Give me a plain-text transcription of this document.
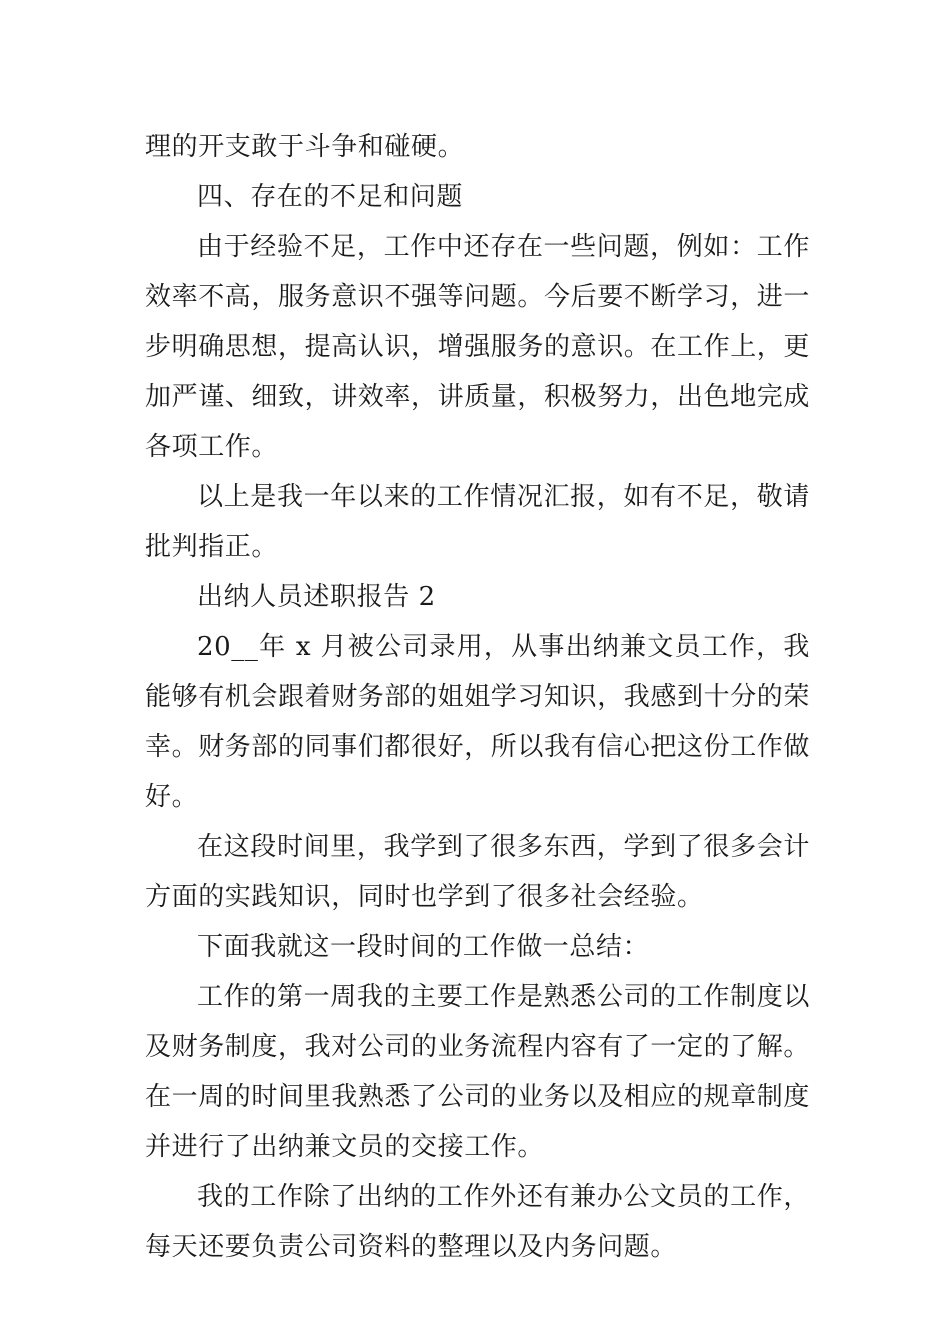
理的开支敢于斗争和碰硬。

四、存在的不足和问题

由于经验不足，工作中还存在一些问题，例如：工作效率不高，服务意识不强等问题。今后要不断学习，进一步明确思想，提高认识，增强服务的意识。在工作上，更加严谨、细致，讲效率，讲质量，积极努力，出色地完成各项工作。

以上是我一年以来的工作情况汇报，如有不足，敬请批判指正。

出纳人员述职报告 2

20__年 x 月被公司录用，从事出纳兼文员工作，我能够有机会跟着财务部的姐姐学习知识，我感到十分的荣幸。财务部的同事们都很好，所以我有信心把这份工作做好。

在这段时间里，我学到了很多东西，学到了很多会计方面的实践知识，同时也学到了很多社会经验。

下面我就这一段时间的工作做一总结：

工作的第一周我的主要工作是熟悉公司的工作制度以及财务制度，我对公司的业务流程内容有了一定的了解。在一周的时间里我熟悉了公司的业务以及相应的规章制度并进行了出纳兼文员的交接工作。

我的工作除了出纳的工作外还有兼办公文员的工作，每天还要负责公司资料的整理以及内务问题。
